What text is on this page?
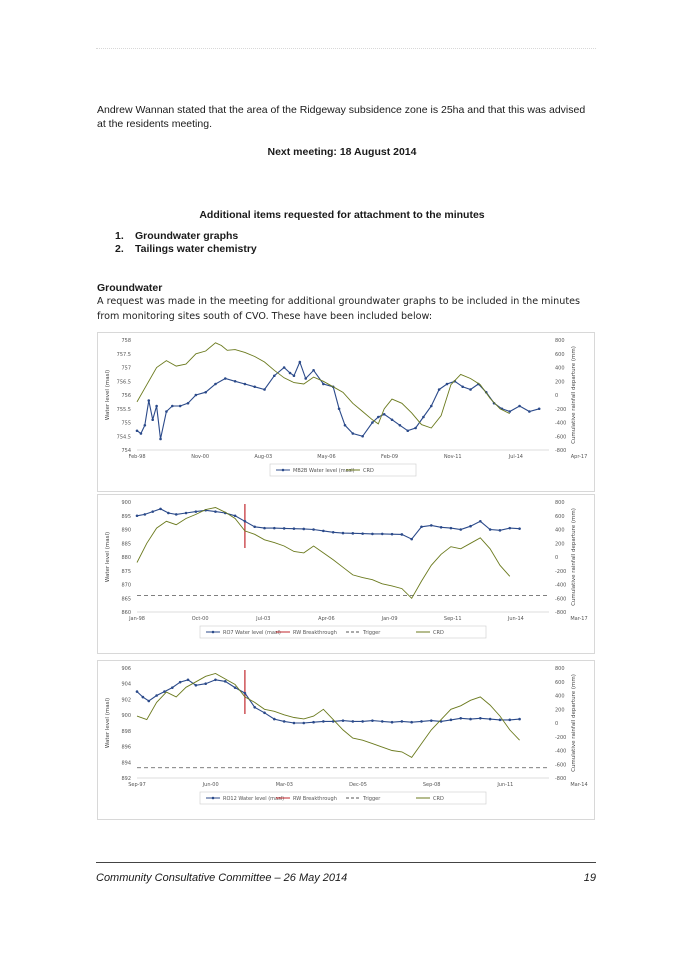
Andrew Wannan stated that the area of the Ridgeway subsidence zone is 25ha and that this was advised at the residents meeting.
Next meeting: 18 August 2014
Additional items requested for attachment to the minutes
1. Groundwater graphs
2. Tailings water chemistry
Groundwater
A request was made in the meeting for additional groundwater graphs to be included in the minutes from monitoring sites south of CVO. These have been included below:
758
757.5
757
756.5
756
755.5
755
754.5
754
800
600
400
200
0
-200
-400
-600
-800
Feb-98	Nov-00	Aug-03	May-06	Feb-09	Nov-11	Jul-14	Apr-17
Water level (masl)	Cumulative rainfall departure (mm)
MB2B Water level (masl) CRD
900
895
890
885
880
875
870
865
860
800
600
400
200
0
-200
-400
-600
-800
Jan-98	Oct-00	Jul-03	Apr-06	Jan-09	Sep-11	Jun-14	Mar-17
Water level (masl)	Cumulative rainfall departure (mm)
RO7 Water level (masl) RW Breakthrough	Trigger	CRD
906
904
902
900
898
896
894
892
800
600
400
200
0
-200
-400
-600
-800
Sep-97	Jun-00	Mar-03	Dec-05	Sep-08	Jun-11	Mar-14
Water level (masl)	Cumulative rainfall departure (mm)
RO12 Water level (masl) RW Breakthrough	Trigger	CRD
Community Consultative Committee – 26 May 2014	19
